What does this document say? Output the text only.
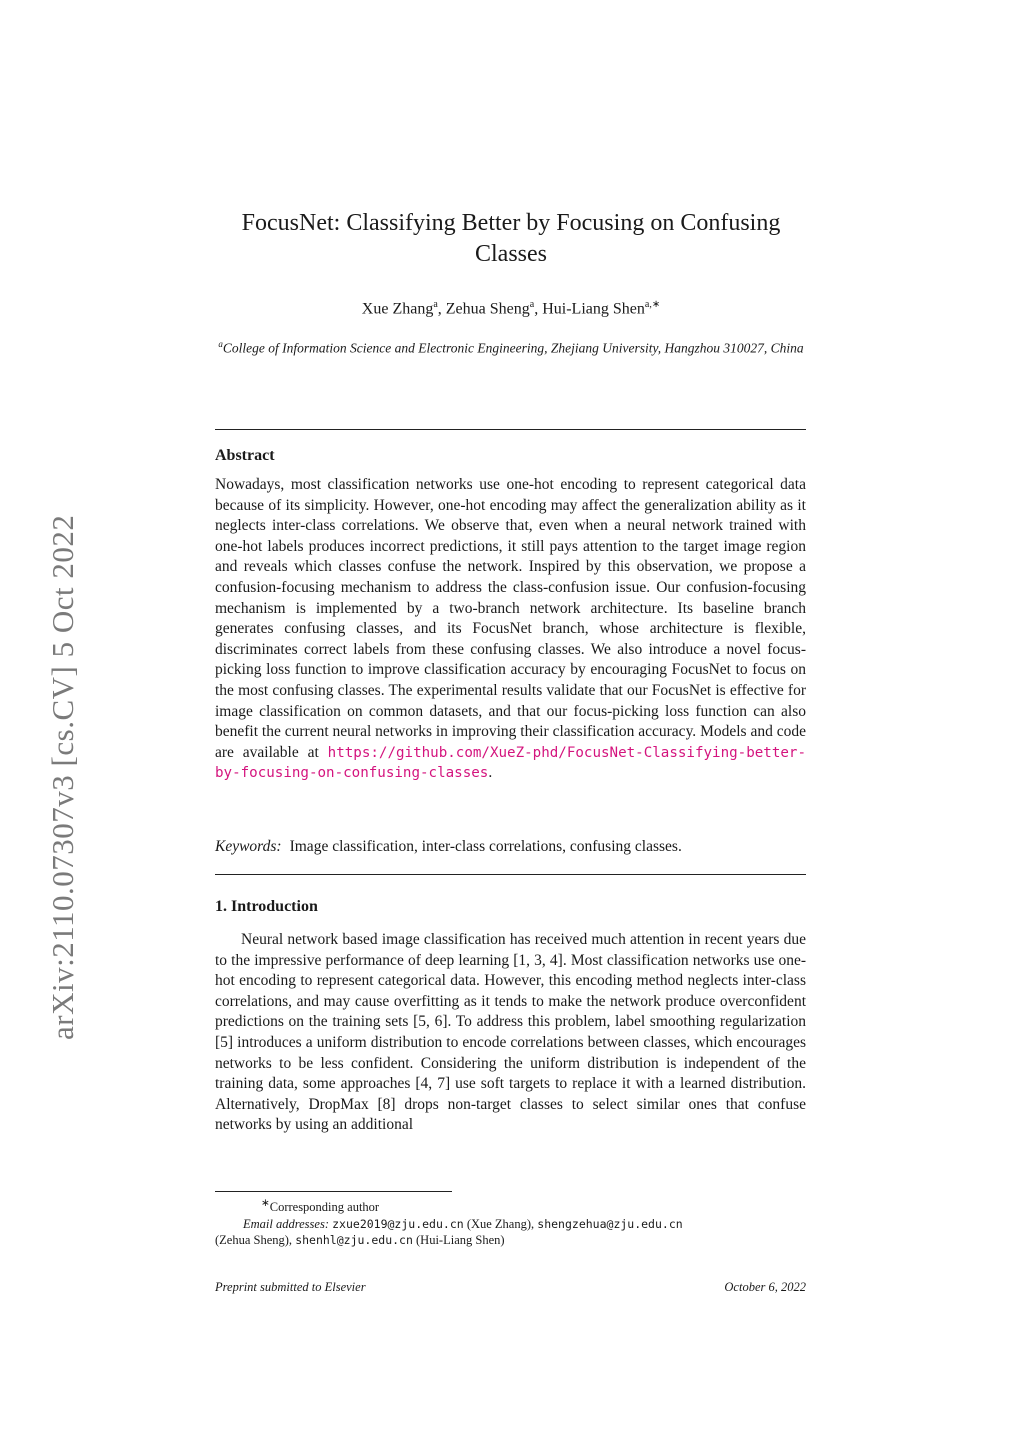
arXiv:2110.07307v3 [cs.CV] 5 Oct 2022
FocusNet: Classifying Better by Focusing on Confusing Classes
Xue Zhang$^a$, Zehua Sheng$^a$, Hui-Liang Shen$^{a,∗}$
$^a$College of Information Science and Electronic Engineering, Zhejiang University, Hangzhou 310027, China
Abstract
Nowadays, most classification networks use one-hot encoding to represent categorical data because of its simplicity. However, one-hot encoding may affect the generalization ability as it neglects inter-class correlations. We observe that, even when a neural network trained with one-hot labels produces incorrect predictions, it still pays attention to the target image region and reveals which classes confuse the network. Inspired by this observation, we propose a confusion-focusing mechanism to address the class-confusion issue. Our confusion-focusing mechanism is implemented by a two-branch network architecture. Its baseline branch generates confusing classes, and its FocusNet branch, whose architecture is flexible, discriminates correct labels from these confusing classes. We also introduce a novel focus-picking loss function to improve classification accuracy by encouraging FocusNet to focus on the most confusing classes. The experimental results validate that our FocusNet is effective for image classification on common datasets, and that our focus-picking loss function can also benefit the current neural networks in improving their classification accuracy. Models and code are available at https://github.com/XueZ-phd/FocusNet-Classifying-better-by-focusing-on-confusing-classes.
Keywords: Image classification, inter-class correlations, confusing classes.
1. Introduction
Neural network based image classification has received much attention in recent years due to the impressive performance of deep learning [1, 3, 4]. Most classification networks use one-hot encoding to represent categorical data. However, this encoding method neglects inter-class correlations, and may cause overfitting as it tends to make the network produce overconfident predictions on the training sets [5, 6]. To address this problem, label smoothing regularization [5] introduces a uniform distribution to encode correlations between classes, which encourages networks to be less confident. Considering the uniform distribution is independent of the training data, some approaches [4, 7] use soft targets to replace it with a learned distribution. Alternatively, DropMax [8] drops non-target classes to select similar ones that confuse networks by using an additional
∗Corresponding author
Email addresses: zxue2019@zju.edu.cn (Xue Zhang), shengzehua@zju.edu.cn
(Zehua Sheng), shenhl@zju.edu.cn (Hui-Liang Shen)
Preprint submitted to Elsevier	October 6, 2022
